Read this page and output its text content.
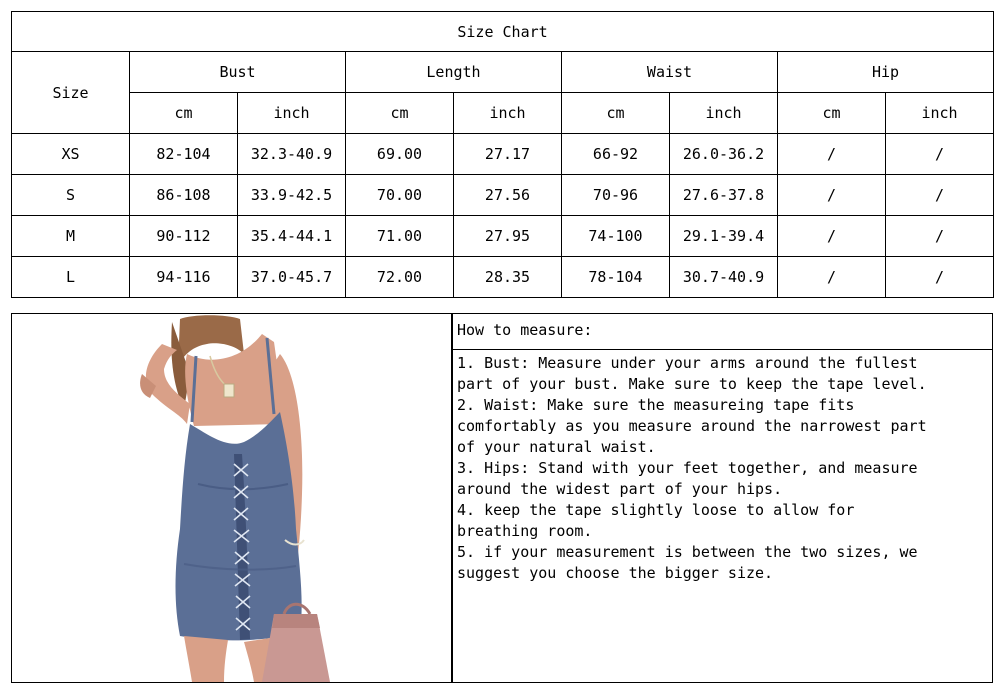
Size Chart								
Size	Bust		Length		Waist		Hip	
	cm	inch	cm	inch	cm	inch	cm	inch
XS	82-104	32.3-40.9	69.00	27.17	66-92	26.0-36.2	/	/
S	86-108	33.9-42.5	70.00	27.56	70-96	27.6-37.8	/	/
M	90-112	35.4-44.1	71.00	27.95	74-100	29.1-39.4	/	/
L	94-116	37.0-45.7	72.00	28.35	78-104	30.7-40.9	/	/
How to measure:

1. Bust: Measure under your arms around the fullest

part of your bust. Make sure to keep the tape level.

2. Waist: Make sure the measureing tape fits

comfortably as you measure around the narrowest part

of your natural waist.

3. Hips: Stand with your feet together, and measure

around the widest part of your hips.

4. keep the tape slightly loose to allow for

breathing room.

5. if your measurement is between the two sizes, we

suggest you choose the bigger size.
